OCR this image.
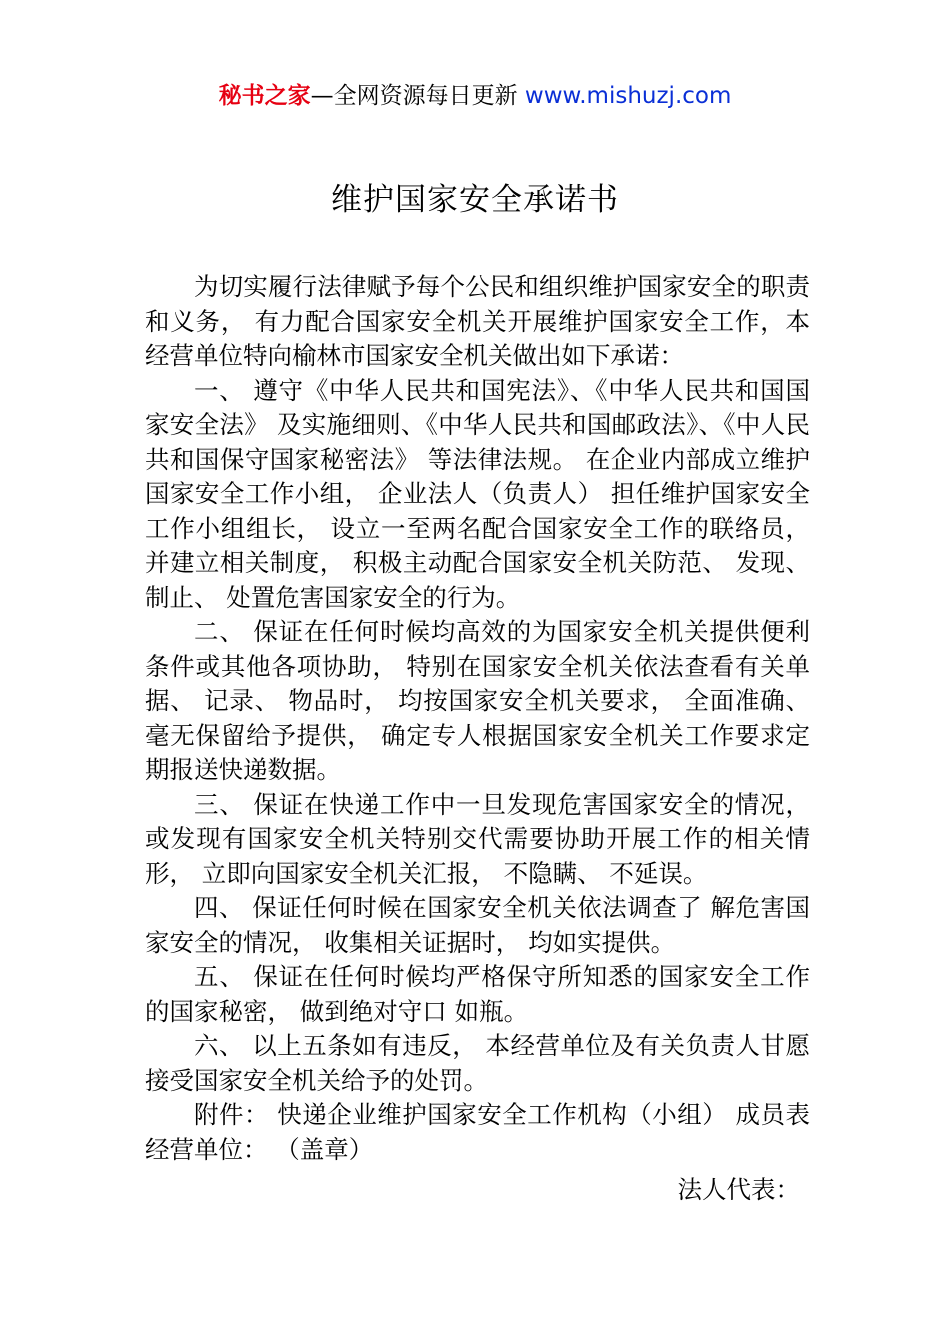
秘书之家—全网资源每日更新 www.mishuzj.com
维护国家安全承诺书

为切实履行法律赋予每个公民和组织维护国家安全的职责和义务， 有力配合国家安全机关开展维护国家安全工作，本经营单位特向榆林市国家安全机关做出如下承诺：

一、 遵守《中华人民共和国宪法》、《中华人民共和国国家安全法》 及实施细则、《中华人民共和国邮政法》、《中人民共和国保守国家秘密法》 等法律法规。 在企业内部成立维护国家安全工作小组， 企业法人（负责人） 担任维护国家安全工作小组组长， 设立一至两名配合国家安全工作的联络员， 并建立相关制度， 积极主动配合国家安全机关防范、 发现、 制止、 处置危害国家安全的行为。

二、 保证在任何时候均高效的为国家安全机关提供便利条件或其他各项协助， 特别在国家安全机关依法查看有关单据、 记录、 物品时， 均按国家安全机关要求， 全面准确、毫无保留给予提供， 确定专人根据国家安全机关工作要求定期报送快递数据。

三、 保证在快递工作中一旦发现危害国家安全的情况，或发现有国家安全机关特别交代需要协助开展工作的相关情形， 立即向国家安全机关汇报， 不隐瞒、 不延误。

四、 保证任何时候在国家安全机关依法调查了 解危害国家安全的情况， 收集相关证据时， 均如实提供。

五、 保证在任何时候均严格保守所知悉的国家安全工作的国家秘密， 做到绝对守口 如瓶。

六、 以上五条如有违反， 本经营单位及有关负责人甘愿接受国家安全机关给予的处罚。

附件： 快递企业维护国家安全工作机构（小组） 成员表经营单位： （盖章）

法人代表：
